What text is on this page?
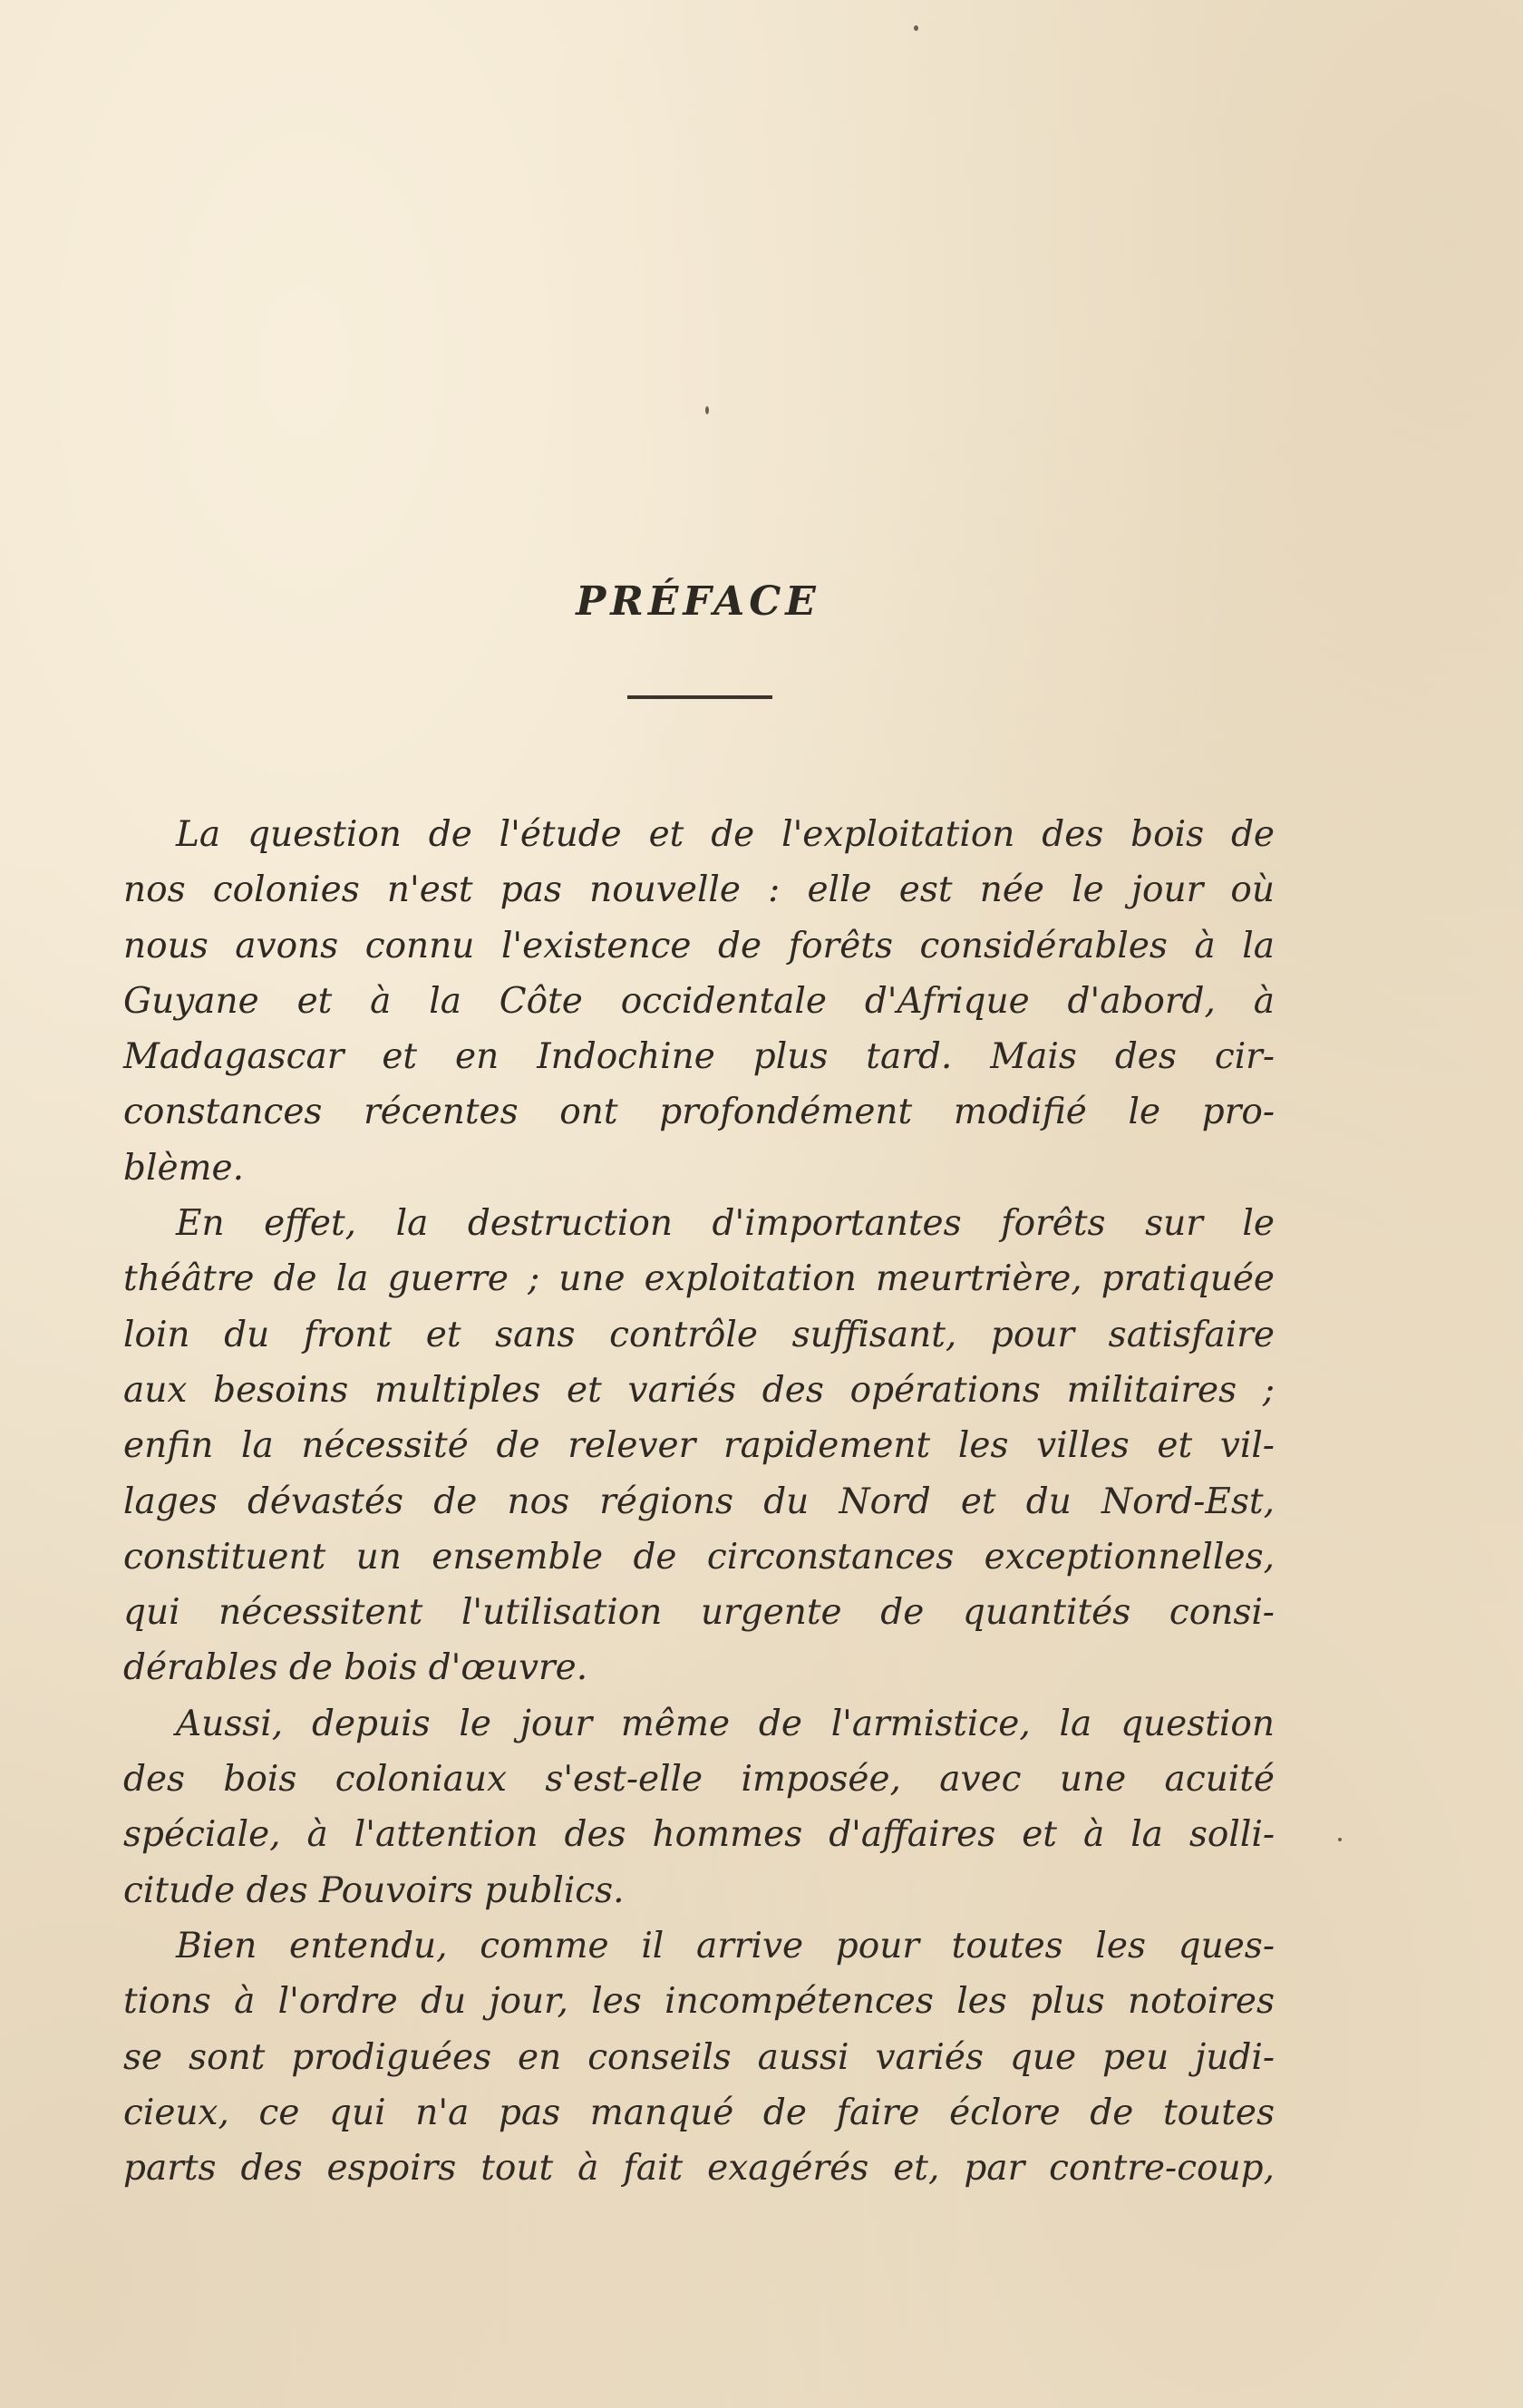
PRÉFACE
La question de l'étude et de l'exploitation des bois de
nos colonies n'est pas nouvelle : elle est née le jour où
nous avons connu l'existence de forêts considérables à la
Guyane et à la Côte occidentale d'Afrique d'abord, à
Madagascar et en Indochine plus tard. Mais des cir-
constances récentes ont profondément modifié le pro-
blème.
En effet, la destruction d'importantes forêts sur le
théâtre de la guerre ; une exploitation meurtrière, pratiquée
loin du front et sans contrôle suffisant, pour satisfaire
aux besoins multiples et variés des opérations militaires ;
enfin la nécessité de relever rapidement les villes et vil-
lages dévastés de nos régions du Nord et du Nord-Est,
constituent un ensemble de circonstances exceptionnelles,
qui nécessitent l'utilisation urgente de quantités consi-
dérables de bois d'œuvre.
Aussi, depuis le jour même de l'armistice, la question
des bois coloniaux s'est-elle imposée, avec une acuité
spéciale, à l'attention des hommes d'affaires et à la solli-
citude des Pouvoirs publics.
Bien entendu, comme il arrive pour toutes les ques-
tions à l'ordre du jour, les incompétences les plus notoires
se sont prodiguées en conseils aussi variés que peu judi-
cieux, ce qui n'a pas manqué de faire éclore de toutes
parts des espoirs tout à fait exagérés et, par contre-coup,
